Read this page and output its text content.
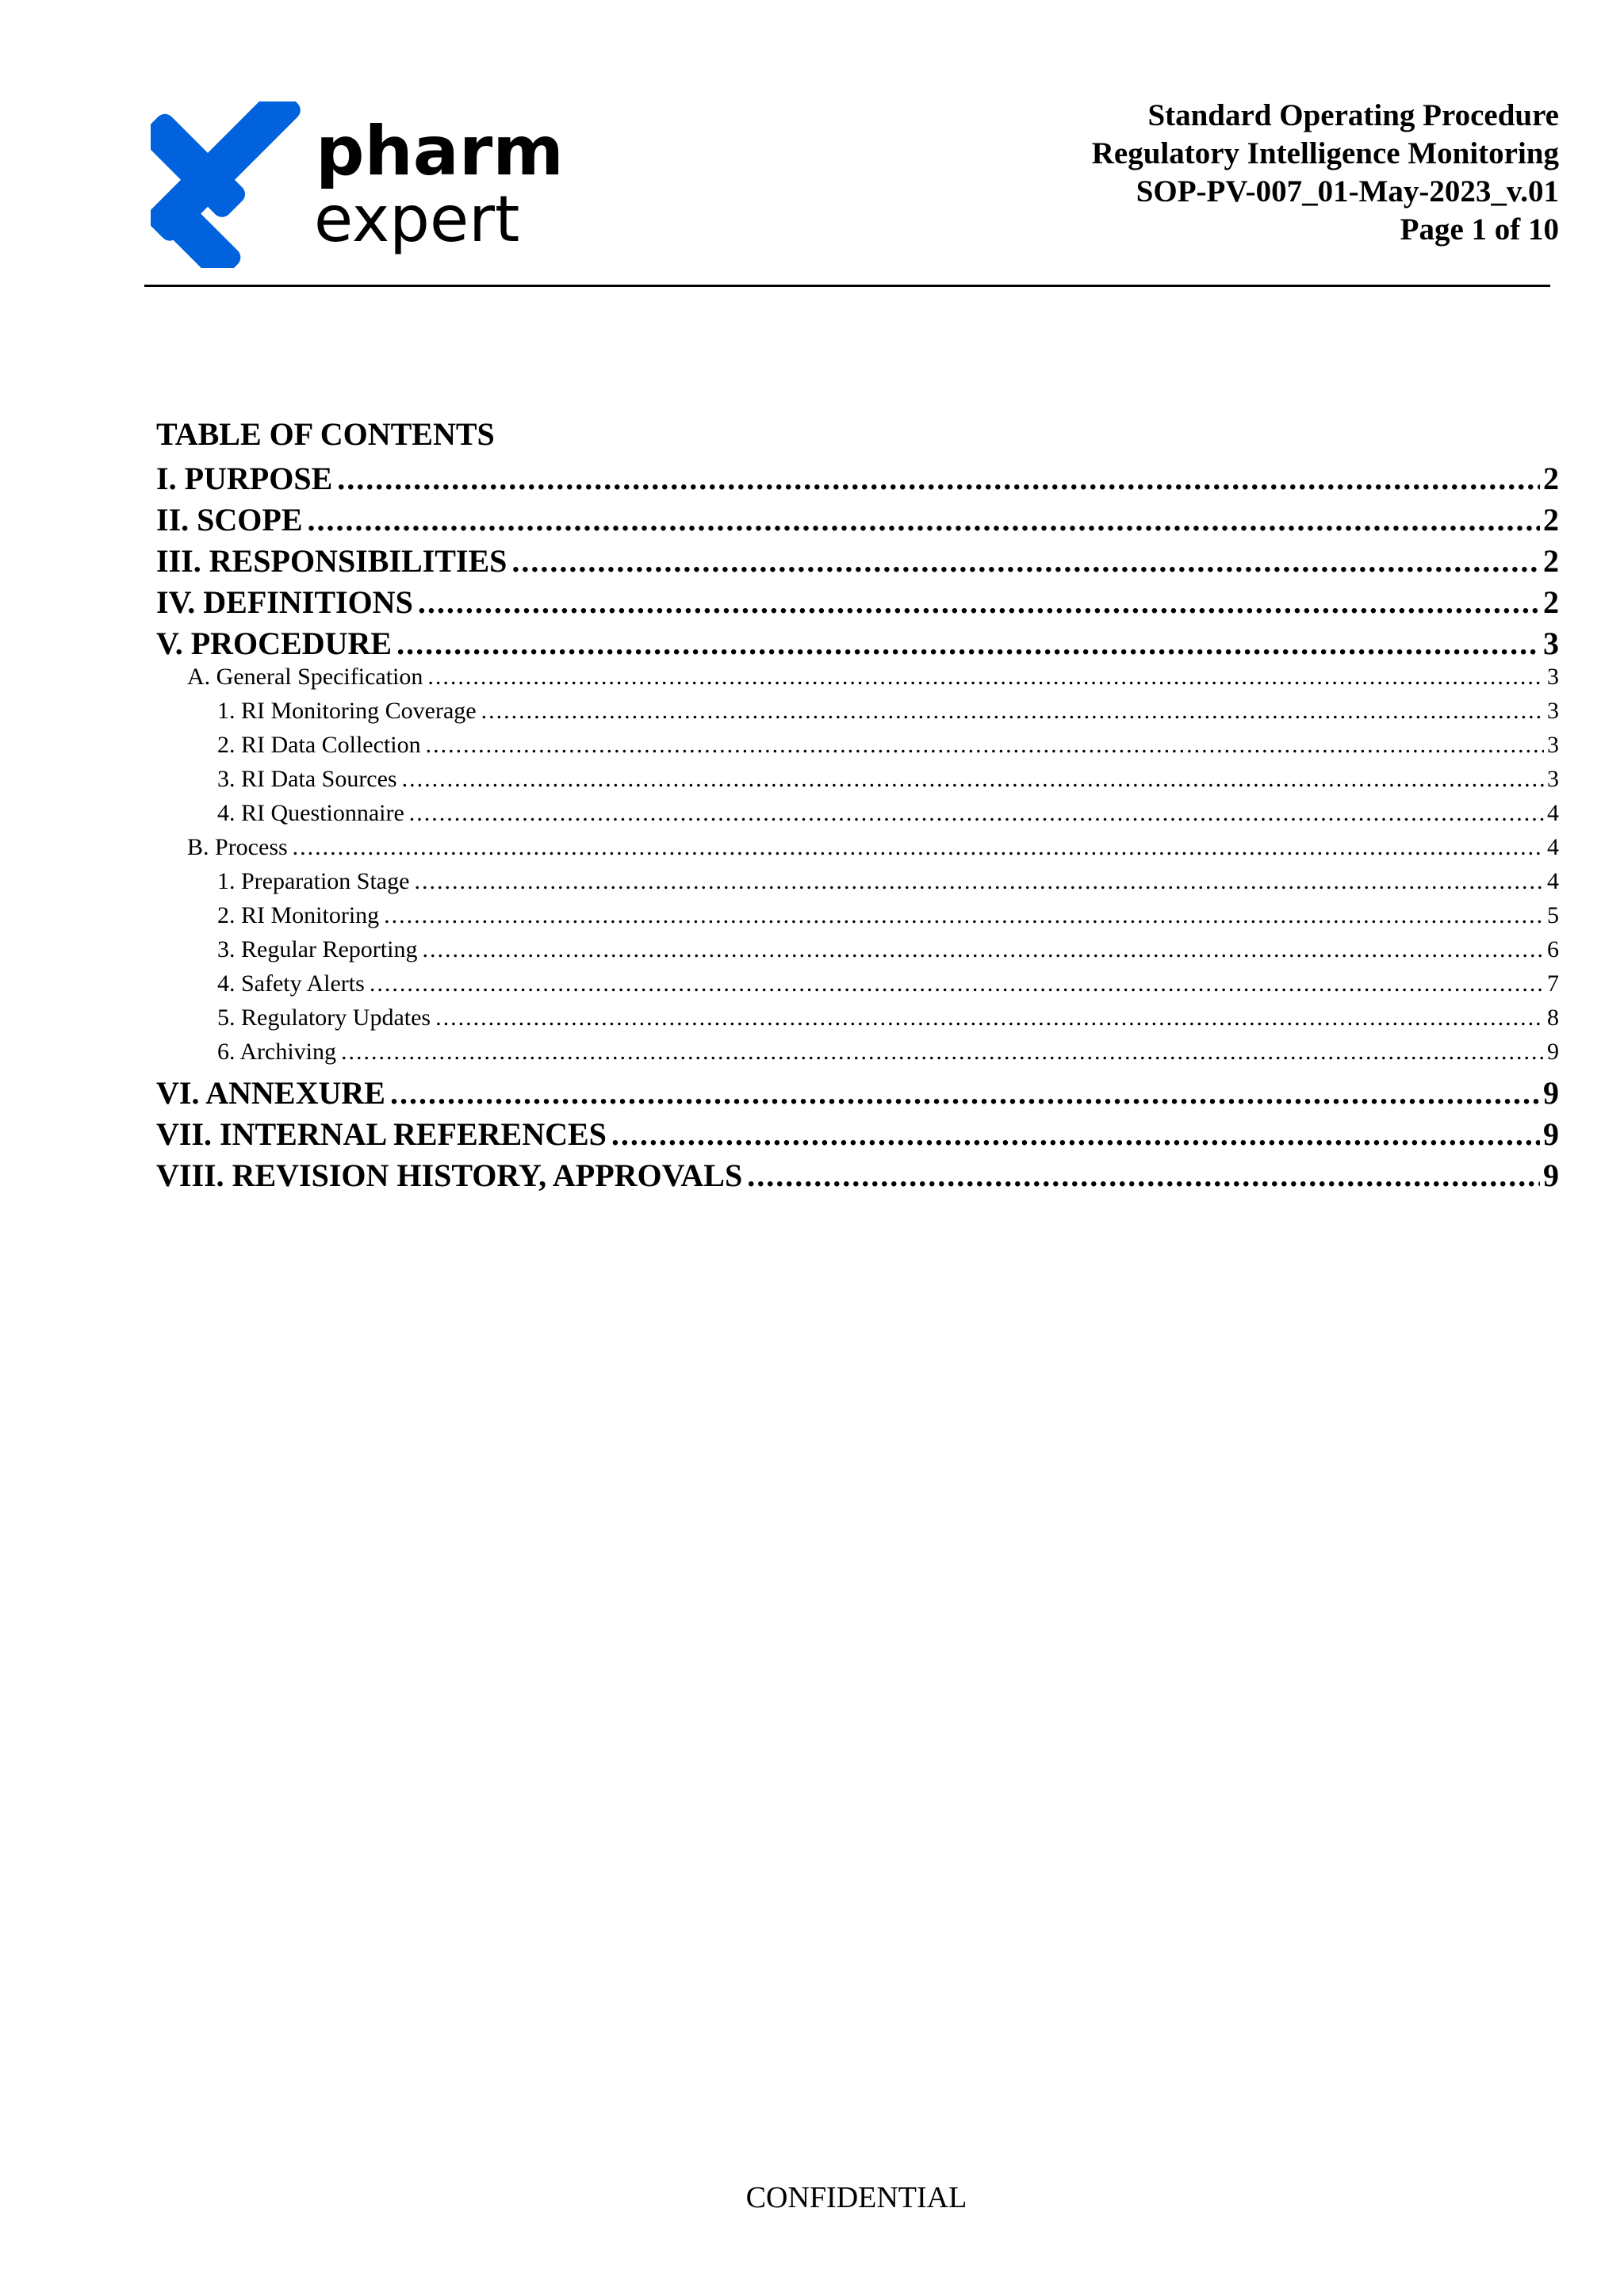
pharm
expert
Standard Operating Procedure
Regulatory Intelligence Monitoring
SOP-PV-007_01-May-2023_v.01
Page 1 of 10
TABLE OF CONTENTS
I. PURPOSE .....	2
II. SCOPE .....	2
III. RESPONSIBILITIES .....	2
IV. DEFINITIONS .....	2
V. PROCEDURE .....	3
A. General Specification .....	3
1. RI Monitoring Coverage .....	3
2. RI Data Collection .....	3
3. RI Data Sources .....	3
4. RI Questionnaire .....	4
B. Process .....	4
1. Preparation Stage .....	4
2. RI Monitoring .....	5
3. Regular Reporting .....	6
4. Safety Alerts .....	7
5. Regulatory Updates .....	8
6. Archiving .....	9
VI. ANNEXURE .....	9
VII. INTERNAL REFERENCES .....	9
VIII. REVISION HISTORY, APPROVALS .....	9
CONFIDENTIAL
